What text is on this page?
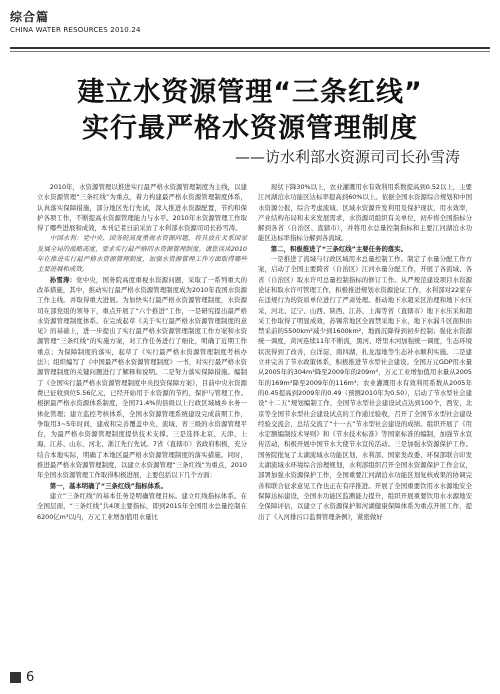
综合篇
CHINA WATER RESOURCES 2010.24
建立水资源管理“三条红线”
实行最严格水资源管理制度
——访水利部水资源司司长孙雪涛

2010年，水资源管理以推进实行最严格水资源管理制度为主线，以建立水资源管理“三条红线”为重点，着力构建最严格水资源管理制度体系，认真落实保障措施，部分地区先行先试，深入推进水资源配置，节约和保护各项工作，不断提高水资源管理能力与水平。2010年水资源管理工作取得了哪些进展和成效，本刊记者日前采访了水利部水资源司司长孙雪涛。

中国水利：党中央、国务院高度重视水资源问题，将其放在关系国家发展全局的战略高度，要求实行最严格的水资源管理制度。请您谈谈2010年在推进实行最严格水资源管理制度，加强水资源管理工作方面取得哪些主要进展和成效。

孙雪涛：党中央，国务院高度重视水资源问题，采取了一系列重大的改革措施，其中，推动实行最严格水资源管理制度成为2010年我国水资源工作主线。并取得重大进展。为加快实行最严格水资源管理制度，水资源司在部党组的领导下，重点开展了“六个推进”工作，一是研究提出最严格水资源管理制度体系。在完成起草《关于实行最严格水资源管理制度的意见》的基础上，进一步提出了实行最严格水资源管理制度工作方案和水资源管理“三条红线”的实施方案，对工作任务进行了细化，明确了近期工作重点；为保障制度的落实，起草了《实行最严格水资源管理制度考核办法》；组织编写了《中国最严格水资源管理制度》一书，对实行最严格水资源管理制度的关键问题进行了解释和说明。二是努力落实保障措施。编制了《全国实行最严格水资源管理制度中央投资保障方案》，目前中央水资源费已征收到位5.56亿元，已经开始用于水资源的节约、保护与管理工作。根据最严格水资源体系制度，全国71.4%的县级以上行政区域城乡水务一体化管理；建立监控考核体系，全国水资源管理系统建设完成前期工作，争取用3~5年时间，建成和完善覆盖中央、流域、省三级的水资源管理平台，为最严格水资源管理制度提供技术支撑。三是选择北京、天津、上海、江苏、山东、河北、浙江先行先试。7省（直辖市）省政府积极，充分结合本地实际，明确了本地区最严格水资源管理制度的落实措施。同时，推进最严格水资源管理制度，以建立水资源管理“三条红线”为重点，2010年全国水资源管理工作取得积极进展，主要包括以下几个方面：

第一，基本明确了“三条红线”指标体系。

建立“三条红线”的基本任务是明确管理目标。建立红线指标体系。在全国层面，“三条红线”共4项主要指标，即到2015年全国用水总量控制在6200亿m³以内，万元工业增加值用水量比

现状下降30%以上，农业灌溉用水有效利用系数提高到0.52以上，主要江河湖泊水功能区达标率提高到60%以上。依据全国水资源综合规划和中国水资源公报，综合考虑流域、区域水资源开发利用及保护现状，用水效率，产业结构布局和未来发展需求，水资源司组织有关单位，初步将全国指标分解到各省（自治区、直辖市），并将用水总量控制指标和主要江河湖泊水功能区达标率指标分解到各流域。

第二，积极推进了“三条红线”主要任务的落实。

一是推进了流域与行政区域用水总量控制工作。制定了水量分配工作方案，启动了全国主要跨省（自治区）江河水量分配工作，开展了各流域、各省（自治区）取水许可总量控制指标的修订工作。从严规范建设项目水资源论证和取水许可管理工作，积极推进规划水资源论证工作，水利部对22家存在违规行为的资质单位进行了严肃处理。推动地下水超采区治理和地下水压采，河北、辽宁、山西、陕西、江苏、上海等省（直辖市）地下水压采和超采工作取得了明显成效，苏锡常地区全面禁采地下水，地下水漏斗区面积由禁采前的5500km²减少到1600km²，地面沉降得到初步控制；强化水资源统一调度，黄河连续11年不断流，黑河、塔里木河加强统一调度，生态环境状况得到了改善，白洋淀、南四湖、扎龙湿地等生态补水顺利实施。二是建立并完善了节水政策体系，积极推进节水型社会建设。全国万元GDP用水量从2005年的304m³降至2009年的209m³，万元工业增加值用水量从2005年的169m³降至2009年的116m³；农业灌溉用水有效利用系数从2005年的0.45提高到2009年的0.49（预测2010年为0.50），启动了节水型社会建设“十二五”规划编制工作，全国节水型社会建设试点达到100个，西安、北京等全国节水型社会建设试点的工作通过验收，召开了全国节水型社会建设经验交流会，总结交流了“十一五”节水型社会建设的成绩。组织开展了《用水定额编制技术导则》和《节水技术标准》等国家标准的编制，加强节水宣传活动，积极开展中国节水大使节水宣传活动。三是加强水资源保护工作。国务院批复了太湖流域水功能区划，水利部、国家发改委、环保部联合印发太湖流域水环境综合治理规划，水利部组织召开全国水资源保护工作会议，部署加强水资源保护工作，全国重要江河湖泊水功能区划复核成果的协调完善和联合征求意见工作也正在有序推进。开展了全国重要饮用水水源地安全保障达标建设，全国水功能区监测能力提升，组织开展重要饮用水水源地安全保障评估，以建立了水资源保护和河湖健康保障体系为重点开展工作，提出了《入河排污口监督管理条例》，紧密做好

6
